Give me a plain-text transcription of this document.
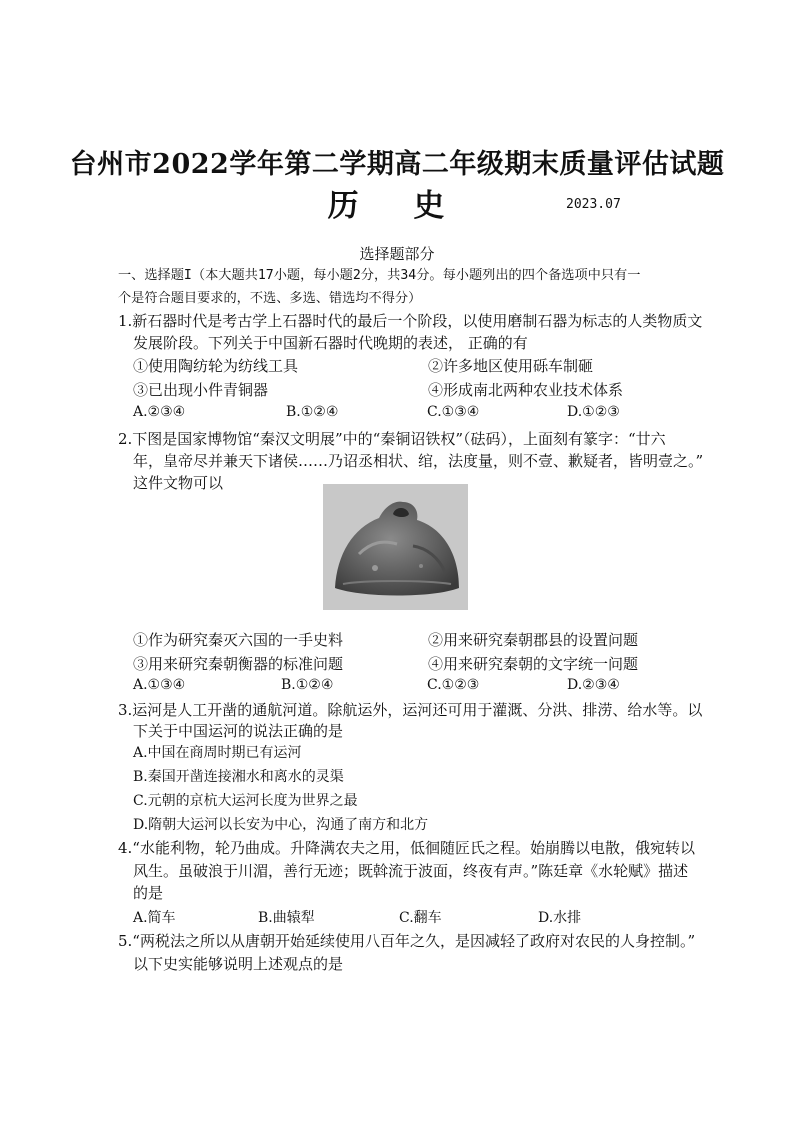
台州市2022学年第二学期高二年级期末质量评估试题
历 史	2023.07
选择题部分
一、选择题I（本大题共17小题，每小题2分，共34分。每小题列出的四个备选项中只有一
个是符合题目要求的，不选、多选、错选均不得分）
1.新石器时代是考古学上石器时代的最后一个阶段，以使用磨制石器为标志的人类物质文
发展阶段。下列关于中国新石器时代晚期的表述， 正确的有
①使用陶纺轮为纺线工具	②许多地区使用砾车制砸
③已出现小件青铜器	④形成南北两种农业技术体系
A.②③④	B.①②④	C.①③④	D.①②③
2.下图是国家博物馆“秦汉文明展”中的“秦铜诏铁权”（砝码），上面刻有篆字：“廿六
年，皇帝尽并兼天下诸侯……乃诏丞相状、绾，法度量，则不壹、歉疑者，皆明壹之。”
这件文物可以
①作为研究秦灭六国的一手史料	②用来研究秦朝郡县的设置问题
③用来研究秦朝衡器的标准问题	④用来研究秦朝的文字统一问题
A.①③④	B.①②④	C.①②③	D.②③④
3.运河是人工开凿的通航河道。除航运外，运河还可用于灌溉、分洪、排涝、给水等。以
下关于中国运河的说法正确的是
A.中国在商周时期已有运河
B.秦国开凿连接湘水和离水的灵渠
C.元朝的京杭大运河长度为世界之最
D.隋朝大运河以长安为中心，沟通了南方和北方
4.“水能利物，轮乃曲成。升降满农夫之用，低徊随匠氏之程。始崩腾以电散，俄宛转以
风生。虽破浪于川湄，善行无迹；既斡流于波面，终夜有声。”陈廷章《水轮赋》描述
的是
A.简车	B.曲辕犁	C.翻车	D.水排
5.“两税法之所以从唐朝开始延续使用八百年之久，是因减轻了政府对农民的人身控制。”
以下史实能够说明上述观点的是
